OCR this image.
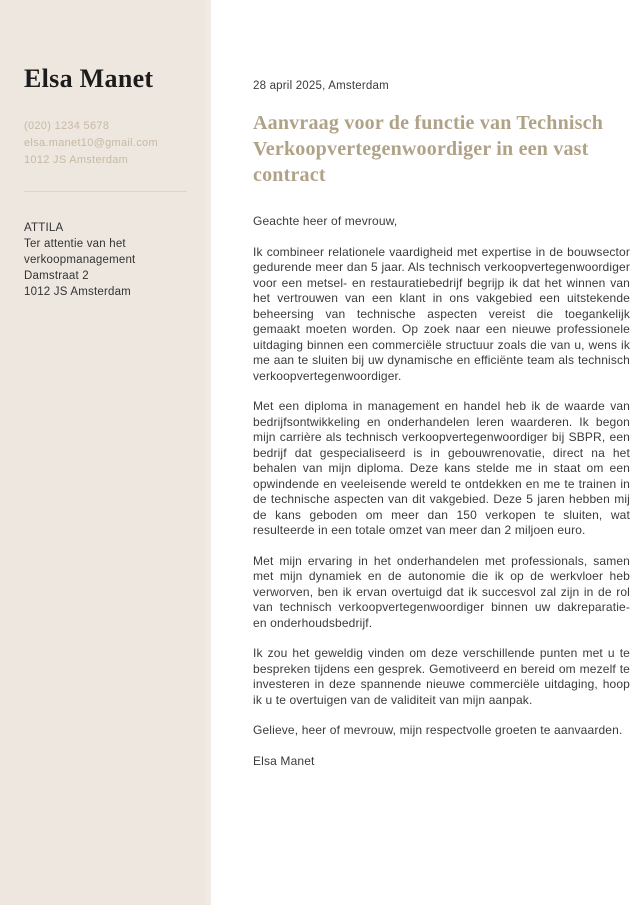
Elsa Manet
(020) 1234 5678
elsa.manet10@gmail.com
1012 JS Amsterdam
ATTILA
Ter attentie van het verkoopmanagement
Damstraat 2
1012 JS Amsterdam

28 april 2025, Amsterdam

Aanvraag voor de functie van Technisch Verkoopvertegenwoordiger in een vast contract

Geachte heer of mevrouw,

Ik combineer relationele vaardigheid met expertise in de bouwsector gedurende meer dan 5 jaar. Als technisch verkoopvertegenwoordiger voor een metsel- en restauratiebedrijf begrijp ik dat het winnen van het vertrouwen van een klant in ons vakgebied een uitstekende beheersing van technische aspecten vereist die toegankelijk gemaakt moeten worden. Op zoek naar een nieuwe professionele uitdaging binnen een commerciële structuur zoals die van u, wens ik me aan te sluiten bij uw dynamische en efficiënte team als technisch verkoopvertegenwoordiger.

Met een diploma in management en handel heb ik de waarde van bedrijfsontwikkeling en onderhandelen leren waarderen. Ik begon mijn carrière als technisch verkoopvertegenwoordiger bij SBPR, een bedrijf dat gespecialiseerd is in gebouwrenovatie, direct na het behalen van mijn diploma. Deze kans stelde me in staat om een opwindende en veeleisende wereld te ontdekken en me te trainen in de technische aspecten van dit vakgebied. Deze 5 jaren hebben mij de kans geboden om meer dan 150 verkopen te sluiten, wat resulteerde in een totale omzet van meer dan 2 miljoen euro.

Met mijn ervaring in het onderhandelen met professionals, samen met mijn dynamiek en de autonomie die ik op de werkvloer heb verworven, ben ik ervan overtuigd dat ik succesvol zal zijn in de rol van technisch verkoopvertegenwoordiger binnen uw dakreparatie- en onderhoudsbedrijf.

Ik zou het geweldig vinden om deze verschillende punten met u te bespreken tijdens een gesprek. Gemotiveerd en bereid om mezelf te investeren in deze spannende nieuwe commerciële uitdaging, hoop ik u te overtuigen van de validiteit van mijn aanpak.

Gelieve, heer of mevrouw, mijn respectvolle groeten te aanvaarden.

Elsa Manet
